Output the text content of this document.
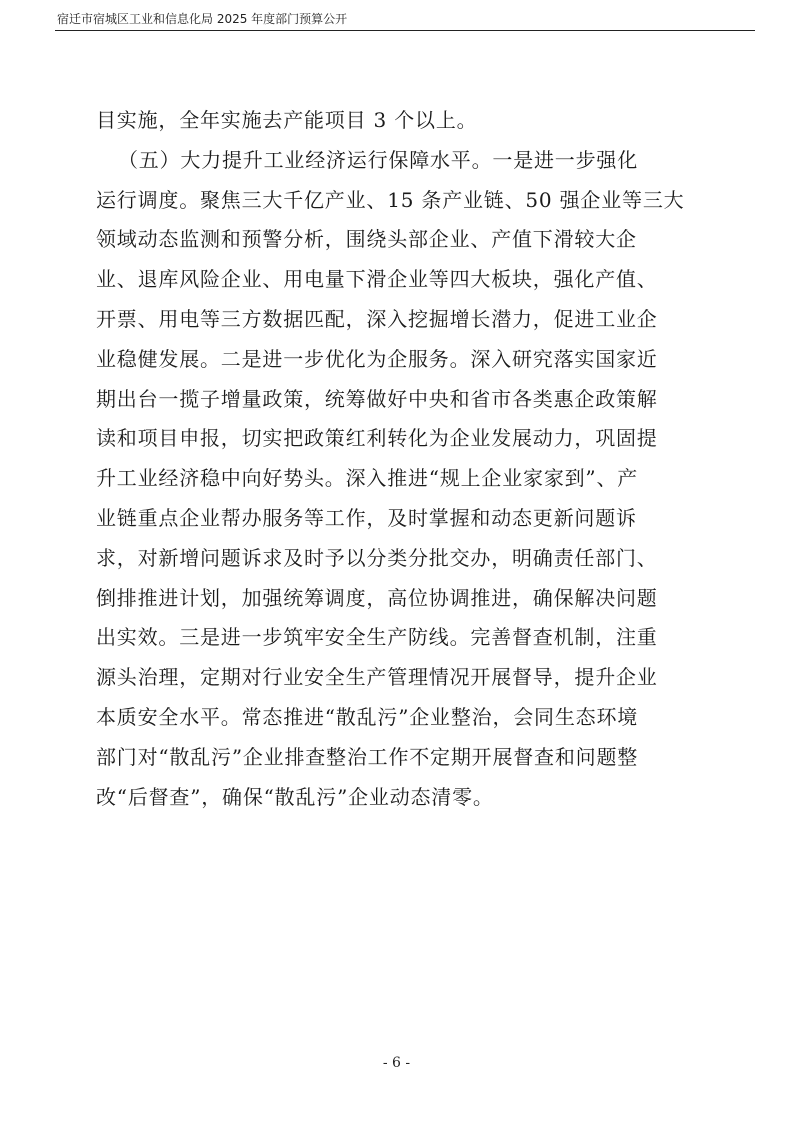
宿迁市宿城区工业和信息化局 2025 年度部门预算公开
目实施，全年实施去产能项目 3 个以上。
（五）大力提升工业经济运行保障水平。一是进一步强化
运行调度。聚焦三大千亿产业、15 条产业链、50 强企业等三大
领域动态监测和预警分析，围绕头部企业、产值下滑较大企
业、退库风险企业、用电量下滑企业等四大板块，强化产值、
开票、用电等三方数据匹配，深入挖掘增长潜力，促进工业企
业稳健发展。二是进一步优化为企服务。深入研究落实国家近
期出台一揽子增量政策，统筹做好中央和省市各类惠企政策解
读和项目申报，切实把政策红利转化为企业发展动力，巩固提
升工业经济稳中向好势头。深入推进“规上企业家家到”、产
业链重点企业帮办服务等工作，及时掌握和动态更新问题诉
求，对新增问题诉求及时予以分类分批交办，明确责任部门、
倒排推进计划，加强统筹调度，高位协调推进，确保解决问题
出实效。三是进一步筑牢安全生产防线。完善督查机制，注重
源头治理，定期对行业安全生产管理情况开展督导，提升企业
本质安全水平。常态推进“散乱污”企业整治，会同生态环境
部门对“散乱污”企业排查整治工作不定期开展督查和问题整
改“后督查”，确保“散乱污”企业动态清零。
- 6 -
